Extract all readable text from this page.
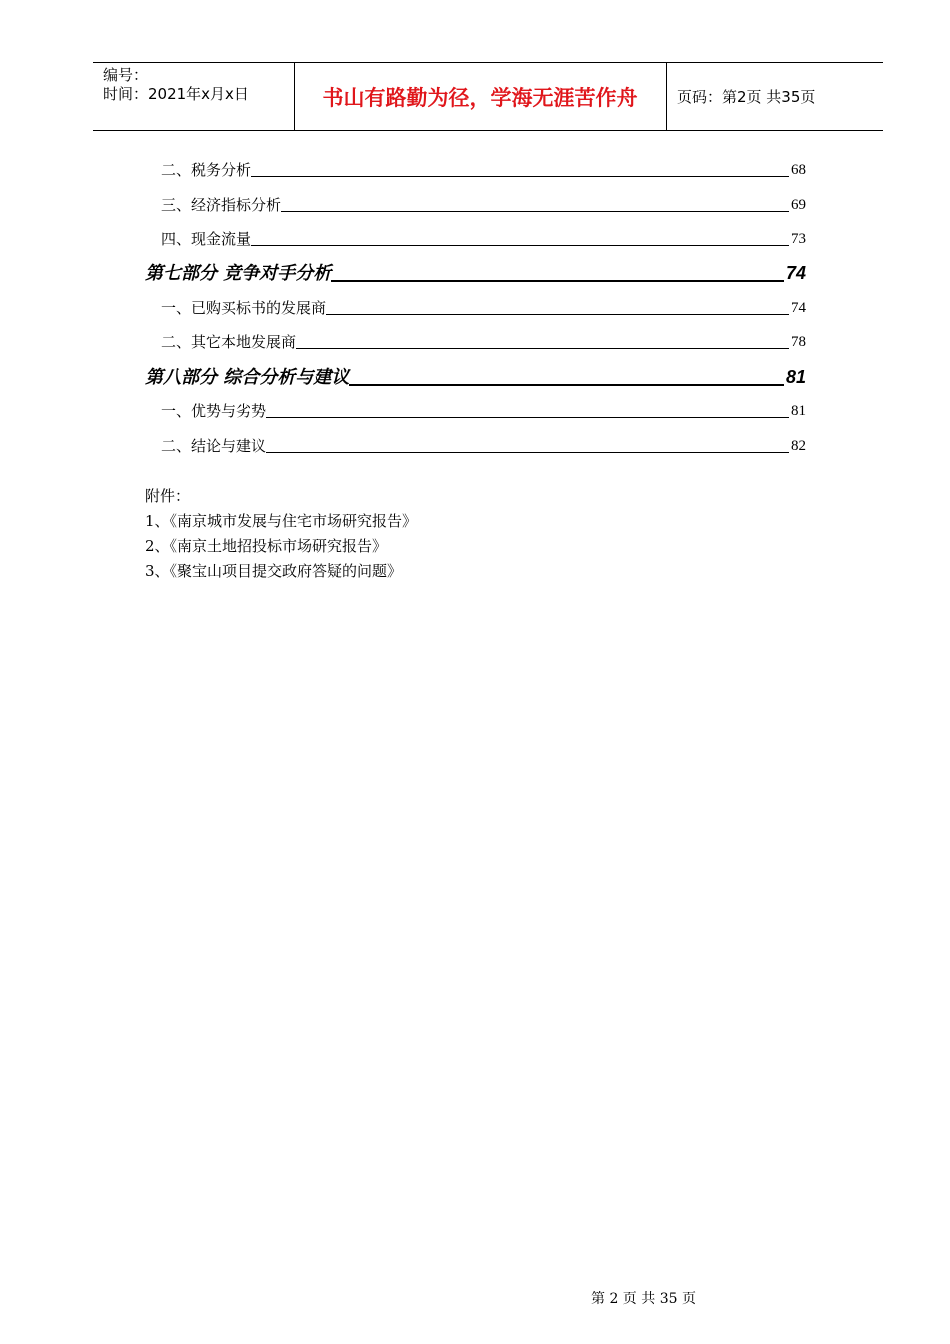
编号：
时间：2021年x月x日	书山有路勤为径，学海无涯苦作舟	页码：第2页 共35页
二、税务分析	68
三、经济指标分析	69
四、现金流量	73
第七部分 竞争对手分析	74
一、已购买标书的发展商	74
二、其它本地发展商	78
第八部分 综合分析与建议	81
一、优势与劣势	81
二、结论与建议	82
附件：
1、《南京城市发展与住宅市场研究报告》
2、《南京土地招投标市场研究报告》
3、《聚宝山项目提交政府答疑的问题》
第 2 页 共 35 页
